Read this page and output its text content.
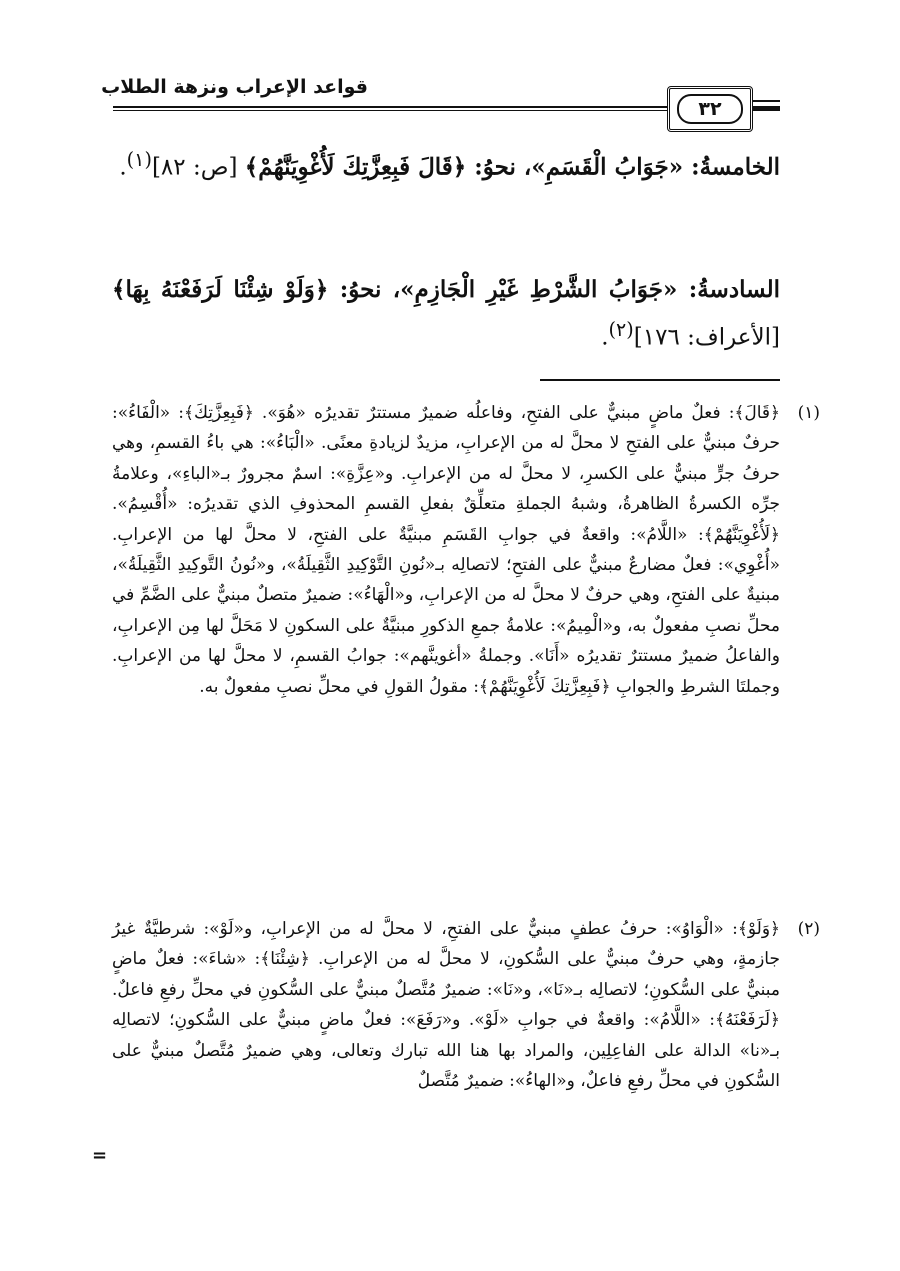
قواعد الإعراب ونزهة الطلاب
٣٢
الخامسةُ: «جَوَابُ الْقَسَمِ»، نحوُ: ﴿قَالَ فَبِعِزَّتِكَ لَأُغْوِيَنَّهُمْ﴾ [ص: ٨٢]$^{(١)}$.
السادسةُ: «جَوَابُ الشَّرْطِ غَيْرِ الْجَازِمِ»، نحوُ: ﴿وَلَوْ شِئْنَا لَرَفَعْنَهُ بِهَا﴾ [الأعراف: ١٧٦]$^{(٢)}$.
(١)
﴿قَالَ﴾: فعلٌ ماضٍ مبنيٌّ على الفتحِ، وفاعلُه ضميرٌ مستترٌ تقديرُه «هُوَ». ﴿فَبِعِزَّتِكَ﴾: «الْفَاءُ»: حرفٌ مبنيٌّ على الفتحِ لا محلَّ له من الإعرابِ، مزيدٌ لزيادةِ معنًى. «الْبَاءُ»: هي باءُ القسمِ، وهي حرفُ جرٍّ مبنيٌّ على الكسرِ، لا محلَّ له من الإعرابِ. و«عِزَّةِ»: اسمٌ مجرورٌ بـ«الباءِ»، وعلامةُ جرِّه الكسرةُ الظاهرةُ، وشبهُ الجملةِ متعلِّقٌ بفعلِ القسمِ المحذوفِ الذي تقديرُه: «أُقْسِمُ». ﴿لَأُغْوِيَنَّهُمْ﴾: «اللَّامُ»: واقعةٌ في جوابِ القَسَمِ مبنيَّةٌ على الفتحِ، لا محلَّ لها من الإعرابِ. «أُغْوِي»: فعلٌ مضارعٌ مبنيٌّ على الفتحِ؛ لاتصالِه بـ«نُونِ التَّوْكِيدِ الثَّقِيلَةُ»، و«نُونُ التَّوكِيدِ الثَّقِيلَةُ»، مبنيةٌ على الفتحِ، وهي حرفٌ لا محلَّ له من الإعرابِ، و«الْهَاءُ»: ضميرٌ متصلٌ مبنيٌّ على الضَّمِّ في محلِّ نصبِ مفعولٌ به، و«الْمِيمُ»: علامةُ جمعِ الذكورِ مبنيَّةٌ على السكونِ لا مَحَلَّ لها مِن الإعرابِ، والفاعلُ ضميرٌ مستترٌ تقديرُه «أَنَا». وجملةُ «أغوينَّهم»: جوابُ القسمِ، لا محلَّ لها من الإعرابِ. وجملتَا الشرطِ والجوابِ ﴿فَبِعِزَّتِكَ لَأُغْوِيَنَّهُمْ﴾: مقولُ القولِ في محلِّ نصبِ مفعولٌ به.
(٢)
﴿وَلَوْ﴾: «الْوَاوُ»: حرفُ عطفٍ مبنيٌّ على الفتحِ، لا محلَّ له من الإعرابِ، و«لَوْ»: شرطيَّةٌ غيرُ جازمةٍ، وهي حرفٌ مبنيٌّ على السُّكونِ، لا محلَّ له من الإعرابِ. ﴿شِئْنَا﴾: «شاءَ»: فعلٌ ماضٍ مبنيٌّ على السُّكونِ؛ لاتصالِه بـ«نَا»، و«نَا»: ضميرٌ مُتَّصلٌ مبنيٌّ على السُّكونِ في محلِّ رفعِ فاعلٌ. ﴿لَرَفَعْنَهُ﴾: «اللَّامُ»: واقعةٌ في جوابِ «لَوْ». و«رَفَعَ»: فعلٌ ماضٍ مبنيٌّ على السُّكونِ؛ لاتصالِه بـ«نا» الدالة على الفاعِلِين، والمراد بها هنا الله تبارك وتعالى، وهي ضميرٌ مُتَّصلٌ مبنيٌّ على السُّكونِ في محلِّ رفعِ فاعلٌ، و«الهاءُ»: ضميرٌ مُتَّصلٌ
=
